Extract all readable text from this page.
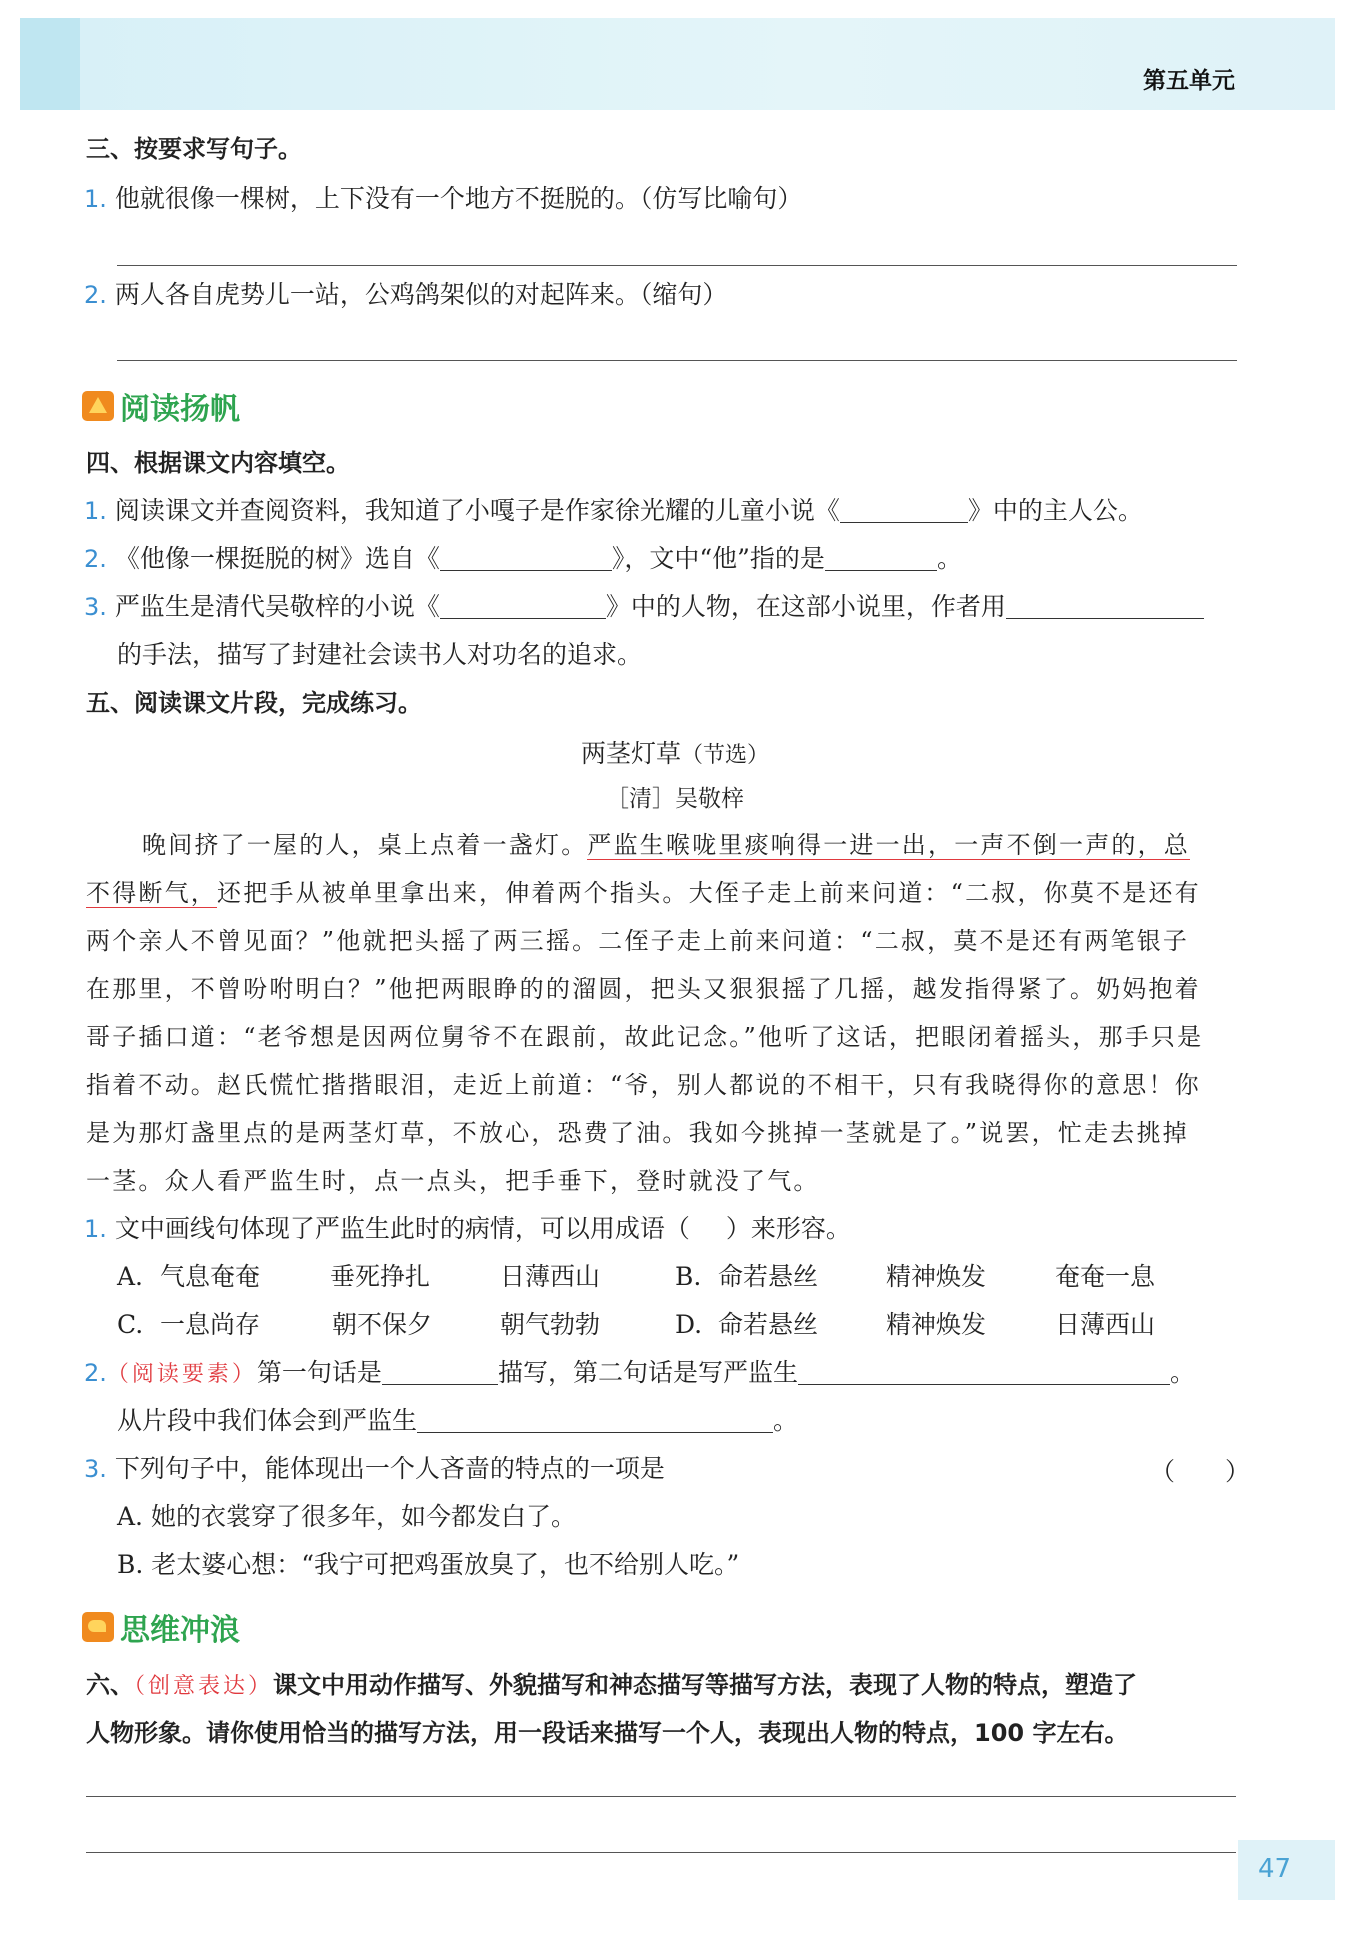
第五单元
三、按要求写句子。
1. 他就很像一棵树，上下没有一个地方不挺脱的。（仿写比喻句）
2. 两人各自虎势儿一站，公鸡鸽架似的对起阵来。（缩句）
阅读扬帆
四、根据课文内容填空。
1. 阅读课文并查阅资料，我知道了小嘎子是作家徐光耀的儿童小说《	》中的主人公。
2. 《他像一棵挺脱的树》选自《	》，文中“他”指的是	。
3. 严监生是清代吴敬梓的小说《	》中的人物，在这部小说里，作者用
的手法，描写了封建社会读书人对功名的追求。
五、阅读课文片段，完成练习。
两茎灯草（节选）
［清］吴敬梓
晚间挤了一屋的人，桌上点着一盏灯。严监生喉咙里痰响得一进一出，一声不倒一声的，总
不得断气，还把手从被单里拿出来，伸着两个指头。大侄子走上前来问道：“二叔，你莫不是还有
两个亲人不曾见面？”他就把头摇了两三摇。二侄子走上前来问道：“二叔，莫不是还有两笔银子
在那里，不曾吩咐明白？”他把两眼睁的的溜圆，把头又狠狠摇了几摇，越发指得紧了。奶妈抱着
哥子插口道：“老爷想是因两位舅爷不在跟前，故此记念。”他听了这话，把眼闭着摇头，那手只是
指着不动。赵氏慌忙揩揩眼泪，走近上前道：“爷，别人都说的不相干，只有我晓得你的意思！你
是为那灯盏里点的是两茎灯草，不放心，恐费了油。我如今挑掉一茎就是了。”说罢，忙走去挑掉
一茎。众人看严监生时，点一点头，把手垂下，登时就没了气。
1. 文中画线句体现了严监生此时的病情，可以用成语（ ）来形容。
A. 气息奄奄	垂死挣扎	日薄西山	B. 命若悬丝	精神焕发	奄奄一息
C. 一息尚存	朝不保夕	朝气勃勃	D. 命若悬丝	精神焕发	日薄西山
2.（阅读要素）第一句话是	描写，第二句话是写严监生	。
从片段中我们体会到严监生	。
3. 下列句子中，能体现出一个人吝啬的特点的一项是	（　　）
A. 她的衣裳穿了很多年，如今都发白了。
B. 老太婆心想：“我宁可把鸡蛋放臭了，也不给别人吃。”
思维冲浪
六、（创意表达）课文中用动作描写、外貌描写和神态描写等描写方法，表现了人物的特点，塑造了
人物形象。请你使用恰当的描写方法，用一段话来描写一个人，表现出人物的特点，100 字左右。
47
